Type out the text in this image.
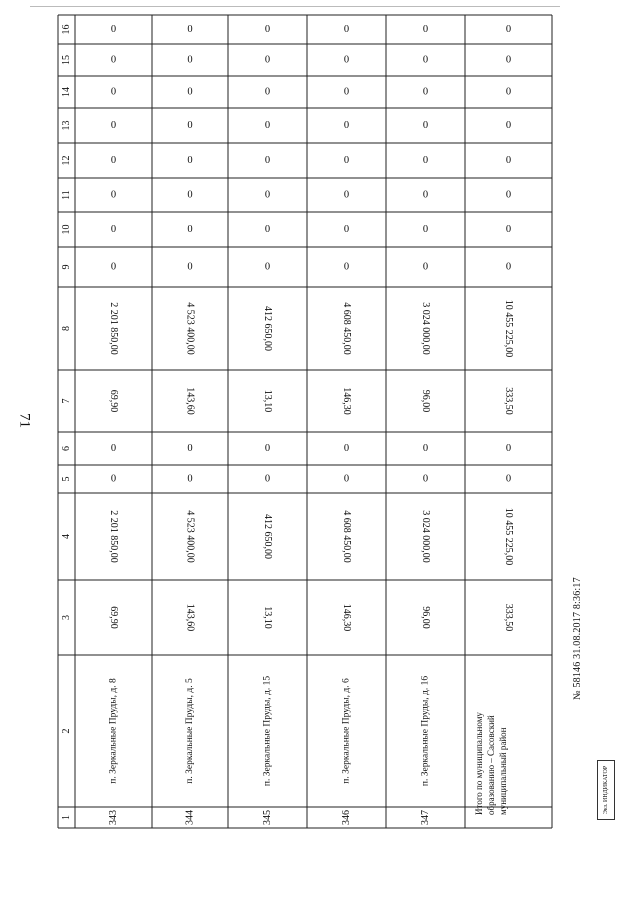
71
16
15
14
13
12
11
10
9
8
7
6
5
4
3
2
1
0
0
0
0
0
0
0
0
2 201 850,00
69,90
0
0
2 201 850,00
69,90
п. Зеркальные Пруды, д. 8
343
0
0
0
0
0
0
0
0
4 523 400,00
143,60
0
0
4 523 400,00
143,60
п. Зеркальные Пруды, д. 5
344
0
0
0
0
0
0
0
0
412 650,00
13,10
0
0
412 650,00
13,10
п. Зеркальные Пруды, д. 15
345
0
0
0
0
0
0
0
0
4 608 450,00
146,30
0
0
4 608 450,00
146,30
п. Зеркальные Пруды, д. 6
346
0
0
0
0
0
0
0
0
3 024 000,00
96,00
0
0
3 024 000,00
96,00
п. Зеркальные Пруды, д. 16
347
0
0
0
0
0
0
0
0
10 455 225,00
333,50
0
0
10 455 225,00
333,50
Итого по муниципальному образованию – Сасовский муниципальный район
№ 58146 31.08.2017 8:36:17
Экз. ИНДИКАТОР
